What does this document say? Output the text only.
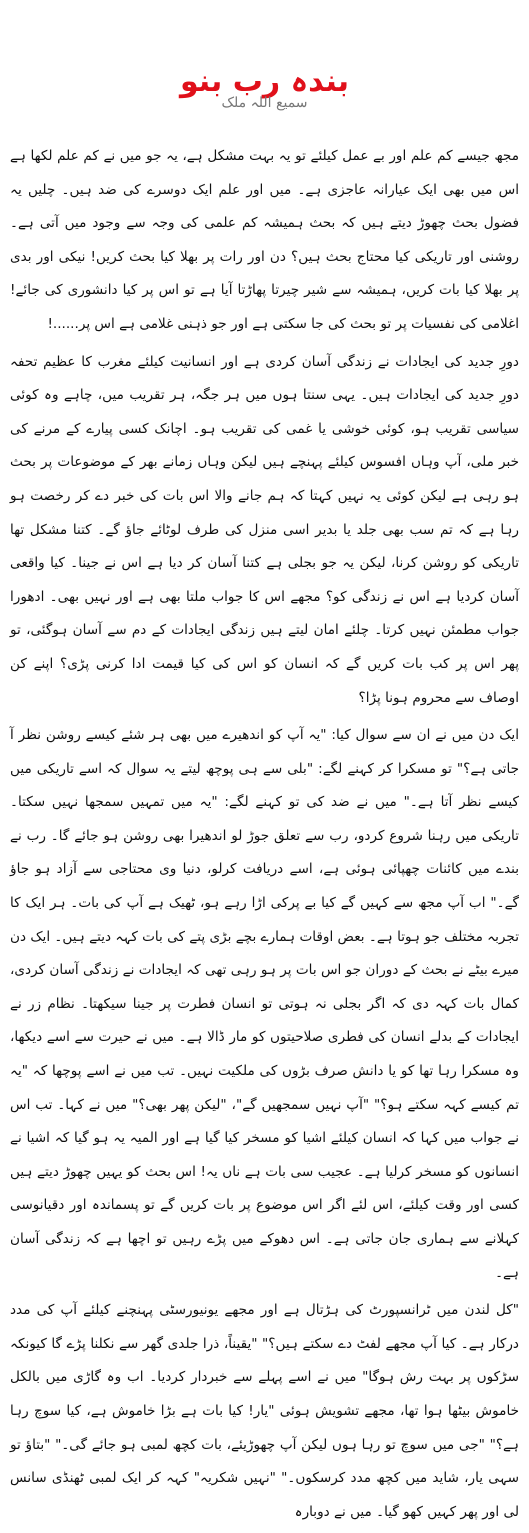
بندہ رب بنو
سمیع اللہ ملک

مجھ جیسے کم علم اور بے عمل کیلئے تو یہ بہت مشکل ہے، یہ جو میں نے کم علم لکھا ہے اس میں بھی ایک عیارانہ عاجزی ہے۔ میں اور علم ایک دوسرے کی ضد ہیں۔ چلیں یہ فضول بحث چھوڑ دیتے ہیں کہ بحث ہمیشہ کم علمی کی وجہ سے وجود میں آتی ہے۔ روشنی اور تاریکی کیا محتاج بحث ہیں؟ دن اور رات پر بھلا کیا بحث کریں! نیکی اور بدی پر بھلا کیا بات کریں، ہمیشہ سے شیر چیرتا پھاڑتا آیا ہے تو اس پر کیا دانشوری کی جائے! اغلامی کی نفسیات پر تو بحث کی جا سکتی ہے اور جو ذہنی غلامی ہے اس پر......!

دورِ جدید کی ایجادات نے زندگی آسان کردی ہے اور انسانیت کیلئے مغرب کا عظیم تحفہ دورِ جدید کی ایجادات ہیں۔ یہی سنتا ہوں میں ہر جگہ، ہر تقریب میں، چاہے وہ کوئی سیاسی تقریب ہو، کوئی خوشی یا غمی کی تقریب ہو۔ اچانک کسی پیارے کے مرنے کی خبر ملی، آپ وہاں افسوس کیلئے پہنچے ہیں لیکن وہاں زمانے بھر کے موضوعات پر بحث ہو رہی ہے لیکن کوئی یہ نہیں کہتا کہ ہم جانے والا اس بات کی خبر دے کر رخصت ہو رہا ہے کہ تم سب بھی جلد یا بدیر اسی منزل کی طرف لوٹائے جاؤ گے۔ کتنا مشکل تھا تاریکی کو روشن کرنا، لیکن یہ جو بجلی ہے کتنا آسان کر دیا ہے اس نے جینا۔ کیا واقعی آسان کردیا ہے اس نے زندگی کو؟ مجھے اس کا جواب ملتا بھی ہے اور نہیں بھی۔ ادھورا جواب مطمئن نہیں کرتا۔ چلئے امان لیتے ہیں زندگی ایجادات کے دم سے آسان ہوگئی، تو پھر اس پر کب بات کریں گے کہ انسان کو اس کی کیا قیمت ادا کرنی پڑی؟ اپنے کن اوصاف سے محروم ہونا پڑا؟

ایک دن میں نے ان سے سوال کیا: "یہ آپ کو اندھیرے میں بھی ہر شئے کیسے روشن نظر آ جاتی ہے؟" تو مسکرا کر کہنے لگے: "بلی سے ہی پوچھ لیتے یہ سوال کہ اسے تاریکی میں کیسے نظر آتا ہے۔" میں نے ضد کی تو کہنے لگے: "یہ میں تمہیں سمجھا نہیں سکتا۔ تاریکی میں رہنا شروع کردو، رب سے تعلق جوڑ لو اندھیرا بھی روشن ہو جائے گا۔ رب نے بندے میں کائنات چھپائی ہوئی ہے، اسے دریافت کرلو، دنیا وی محتاجی سے آزاد ہو جاؤ گے۔" اب آپ مجھ سے کہیں گے کیا بے پرکی اڑا رہے ہو، ٹھیک ہے آپ کی بات۔ ہر ایک کا تجربہ مختلف جو ہوتا ہے۔ بعض اوقات ہمارے بچے بڑی پتے کی بات کہہ دیتے ہیں۔ ایک دن میرے بیٹے نے بحث کے دوران جو اس بات پر ہو رہی تھی کہ ایجادات نے زندگی آسان کردی، کمال بات کہہ دی کہ اگر بجلی نہ ہوتی تو انسان فطرت پر جینا سیکھتا۔ نظام زر نے ایجادات کے بدلے انسان کی فطری صلاحیتوں کو مار ڈالا ہے۔ میں نے حیرت سے اسے دیکھا، وہ مسکرا رہا تھا کو یا دانش صرف بڑوں کی ملکیت نہیں۔ تب میں نے اسے پوچھا کہ "یہ تم کیسے کہہ سکتے ہو؟" "آپ نہیں سمجھیں گے"، "لیکن پھر بھی؟" میں نے کہا۔ تب اس نے جواب میں کہا کہ انسان کیلئے اشیا کو مسخر کیا گیا ہے اور المیہ یہ ہو گیا کہ اشیا نے انسانوں کو مسخر کرلیا ہے۔ عجیب سی بات ہے ناں یہ! اس بحث کو یہیں چھوڑ دیتے ہیں کسی اور وقت کیلئے، اس لئے اگر اس موضوع پر بات کریں گے تو پسماندہ اور دقیانوسی کہلانے سے ہماری جان جاتی ہے۔ اس دھوکے میں پڑے رہیں تو اچھا ہے کہ زندگی آسان ہے۔

"کل لندن میں ٹرانسپورٹ کی ہڑتال ہے اور مجھے یونیورسٹی پہنچنے کیلئے آپ کی مدد درکار ہے۔ کیا آپ مجھے لفٹ دے سکتے ہیں؟" "یقیناً، ذرا جلدی گھر سے نکلنا پڑے گا کیونکہ سڑکوں پر بہت رش ہوگا" میں نے اسے پہلے سے خبردار کردیا۔ اب وہ گاڑی میں بالکل خاموش بیٹھا ہوا تھا، مجھے تشویش ہوئی "یار! کیا بات ہے بڑا خاموش ہے، کیا سوچ رہا ہے؟" "جی میں سوچ تو رہا ہوں لیکن آپ چھوڑیئے، بات کچھ لمبی ہو جائے گی۔" "بتاؤ تو سہی یار، شاید میں کچھ مدد کرسکوں۔" "نہیں شکریہ" کہہ کر ایک لمبی ٹھنڈی سانس لی اور پھر کہیں کھو گیا۔ میں نے دوبارہ
